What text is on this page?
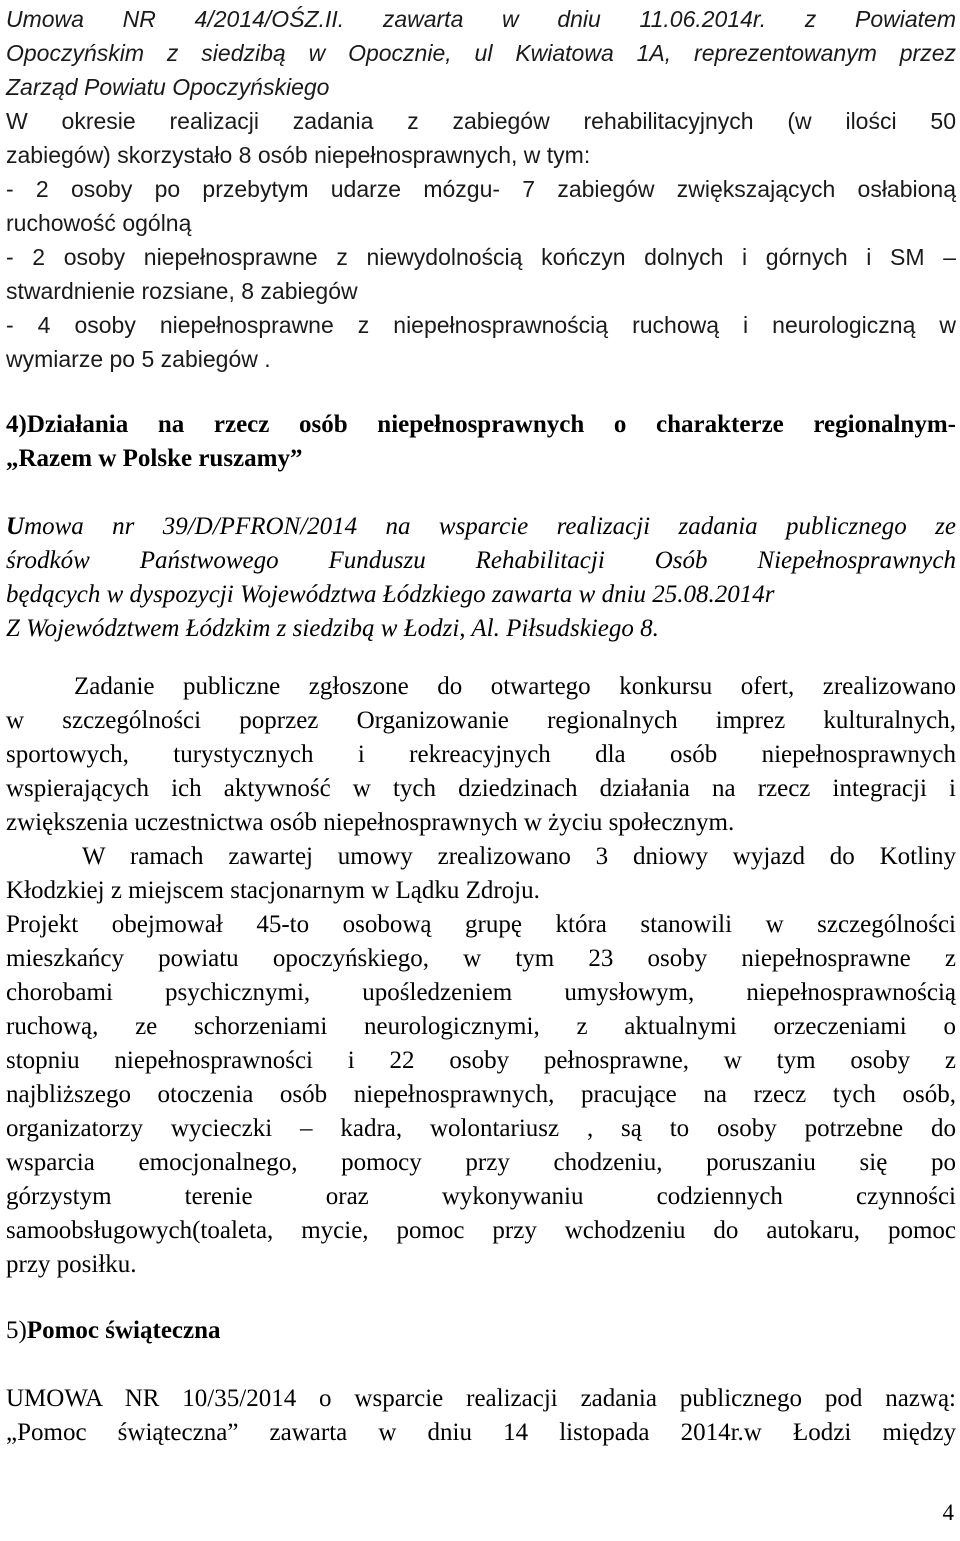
Umowa NR 4/2014/OŚZ.II. zawarta w dniu 11.06.2014r. z Powiatem
Opoczyńskim z siedzibą w Opocznie, ul Kwiatowa 1A, reprezentowanym przez
Zarząd Powiatu Opoczyńskiego
W okresie realizacji zadania z zabiegów rehabilitacyjnych (w ilości 50
zabiegów) skorzystało 8 osób niepełnosprawnych, w tym:
- 2 osoby po przebytym udarze mózgu- 7 zabiegów zwiększających osłabioną
ruchowość ogólną
- 2 osoby niepełnosprawne z niewydolnością kończyn dolnych i górnych i SM –
stwardnienie rozsiane, 8 zabiegów
- 4 osoby niepełnosprawne z niepełnosprawnością ruchową i neurologiczną w
wymiarze po 5 zabiegów .
4)Działania na rzecz osób niepełnosprawnych o charakterze regionalnym-
„Razem w Polske ruszamy”
Umowa nr 39/D/PFRON/2014 na wsparcie realizacji zadania publicznego ze
środków Państwowego Funduszu Rehabilitacji Osób Niepełnosprawnych
będących w dyspozycji Województwa Łódzkiego zawarta w dniu 25.08.2014r
Z Województwem Łódzkim z siedzibą w Łodzi, Al. Piłsudskiego 8.
Zadanie publiczne zgłoszone do otwartego konkursu ofert, zrealizowano
w szczególności poprzez Organizowanie regionalnych imprez kulturalnych,
sportowych, turystycznych i rekreacyjnych dla osób niepełnosprawnych
wspierających ich aktywność w tych dziedzinach działania na rzecz integracji i
zwiększenia uczestnictwa osób niepełnosprawnych w życiu społecznym.
W ramach zawartej umowy zrealizowano 3 dniowy wyjazd do Kotliny
Kłodzkiej z miejscem stacjonarnym w Lądku Zdroju.
Projekt obejmował 45-to osobową grupę która stanowili w szczególności
mieszkańcy powiatu opoczyńskiego, w tym 23 osoby niepełnosprawne z
chorobami psychicznymi, upośledzeniem umysłowym, niepełnosprawnością
ruchową, ze schorzeniami neurologicznymi, z aktualnymi orzeczeniami o
stopniu niepełnosprawności i 22 osoby pełnosprawne, w tym osoby z
najbliższego otoczenia osób niepełnosprawnych, pracujące na rzecz tych osób,
organizatorzy wycieczki – kadra, wolontariusz , są to osoby potrzebne do
wsparcia emocjonalnego, pomocy przy chodzeniu, poruszaniu się po
górzystym terenie oraz wykonywaniu codziennych czynności
samoobsługowych(toaleta, mycie, pomoc przy wchodzeniu do autokaru, pomoc
przy posiłku.
5)Pomoc świąteczna
UMOWA NR 10/35/2014 o wsparcie realizacji zadania publicznego pod nazwą:
„Pomoc świąteczna” zawarta w dniu 14 listopada 2014r.w Łodzi między
4
